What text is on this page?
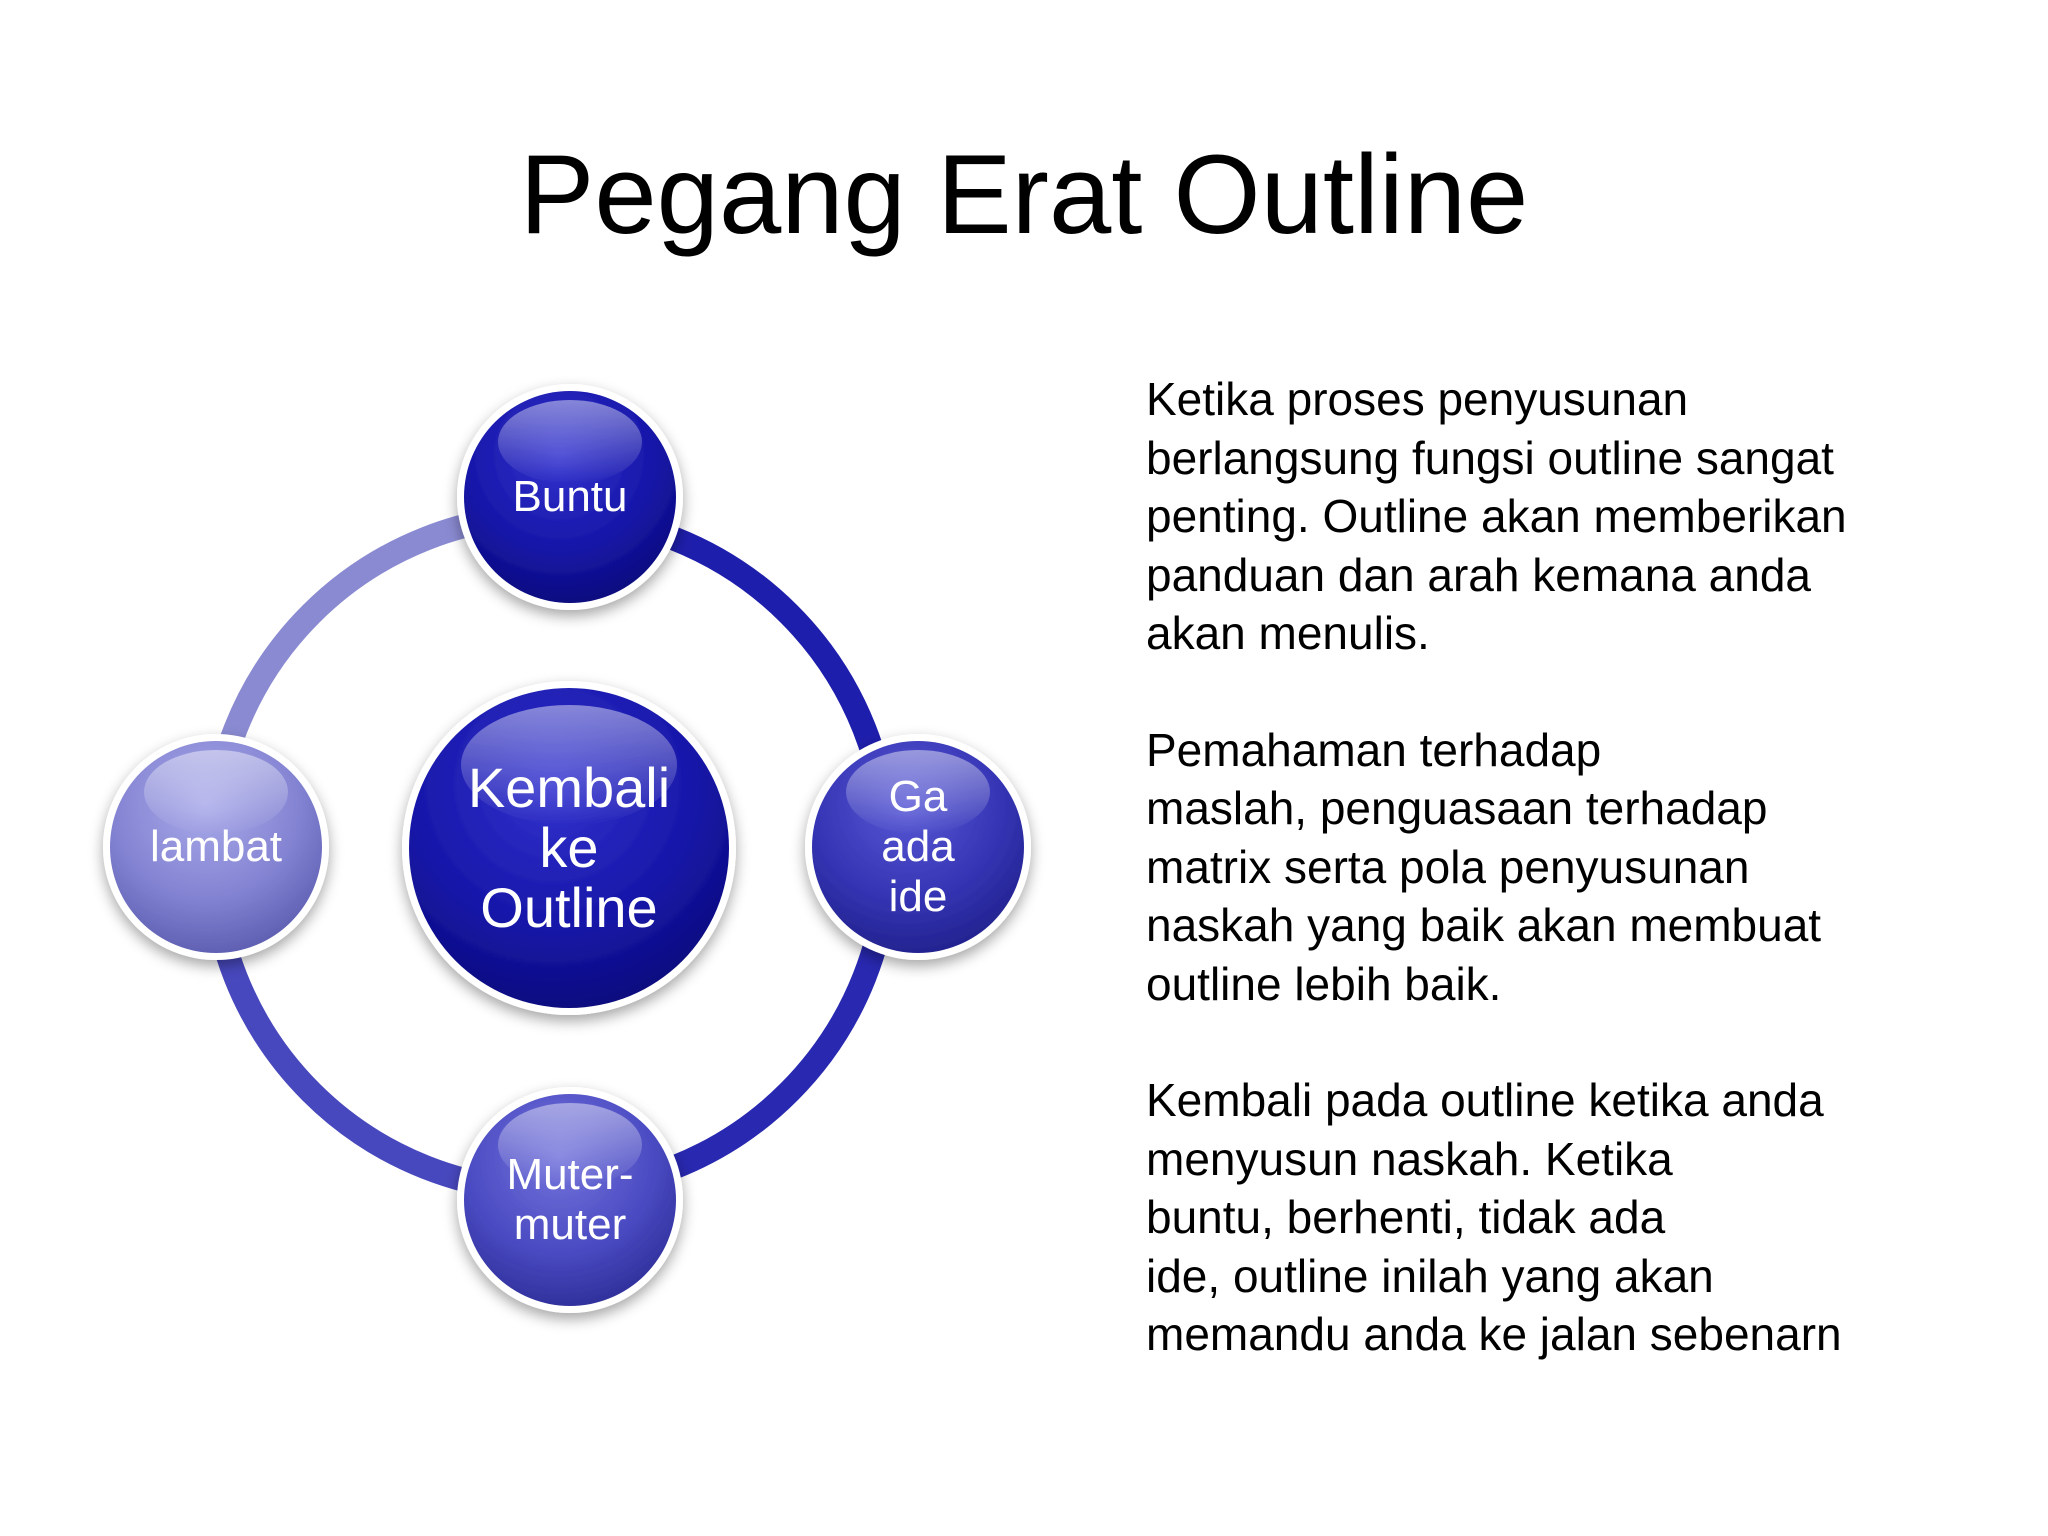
Pegang Erat Outline
Kembali
ke
Outline
Buntu
Ga
ada
ide
Muter-
muter
lambat

Ketika proses penyusunan
berlangsung fungsi outline sangat
penting. Outline akan memberikan
panduan dan arah kemana anda
akan menulis.

Pemahaman terhadap
maslah, penguasaan terhadap
matrix serta pola penyusunan
naskah yang baik akan membuat
outline lebih baik.

Kembali pada outline ketika anda
menyusun naskah. Ketika
buntu, berhenti, tidak ada
ide, outline inilah yang akan
memandu anda ke jalan sebenarn
